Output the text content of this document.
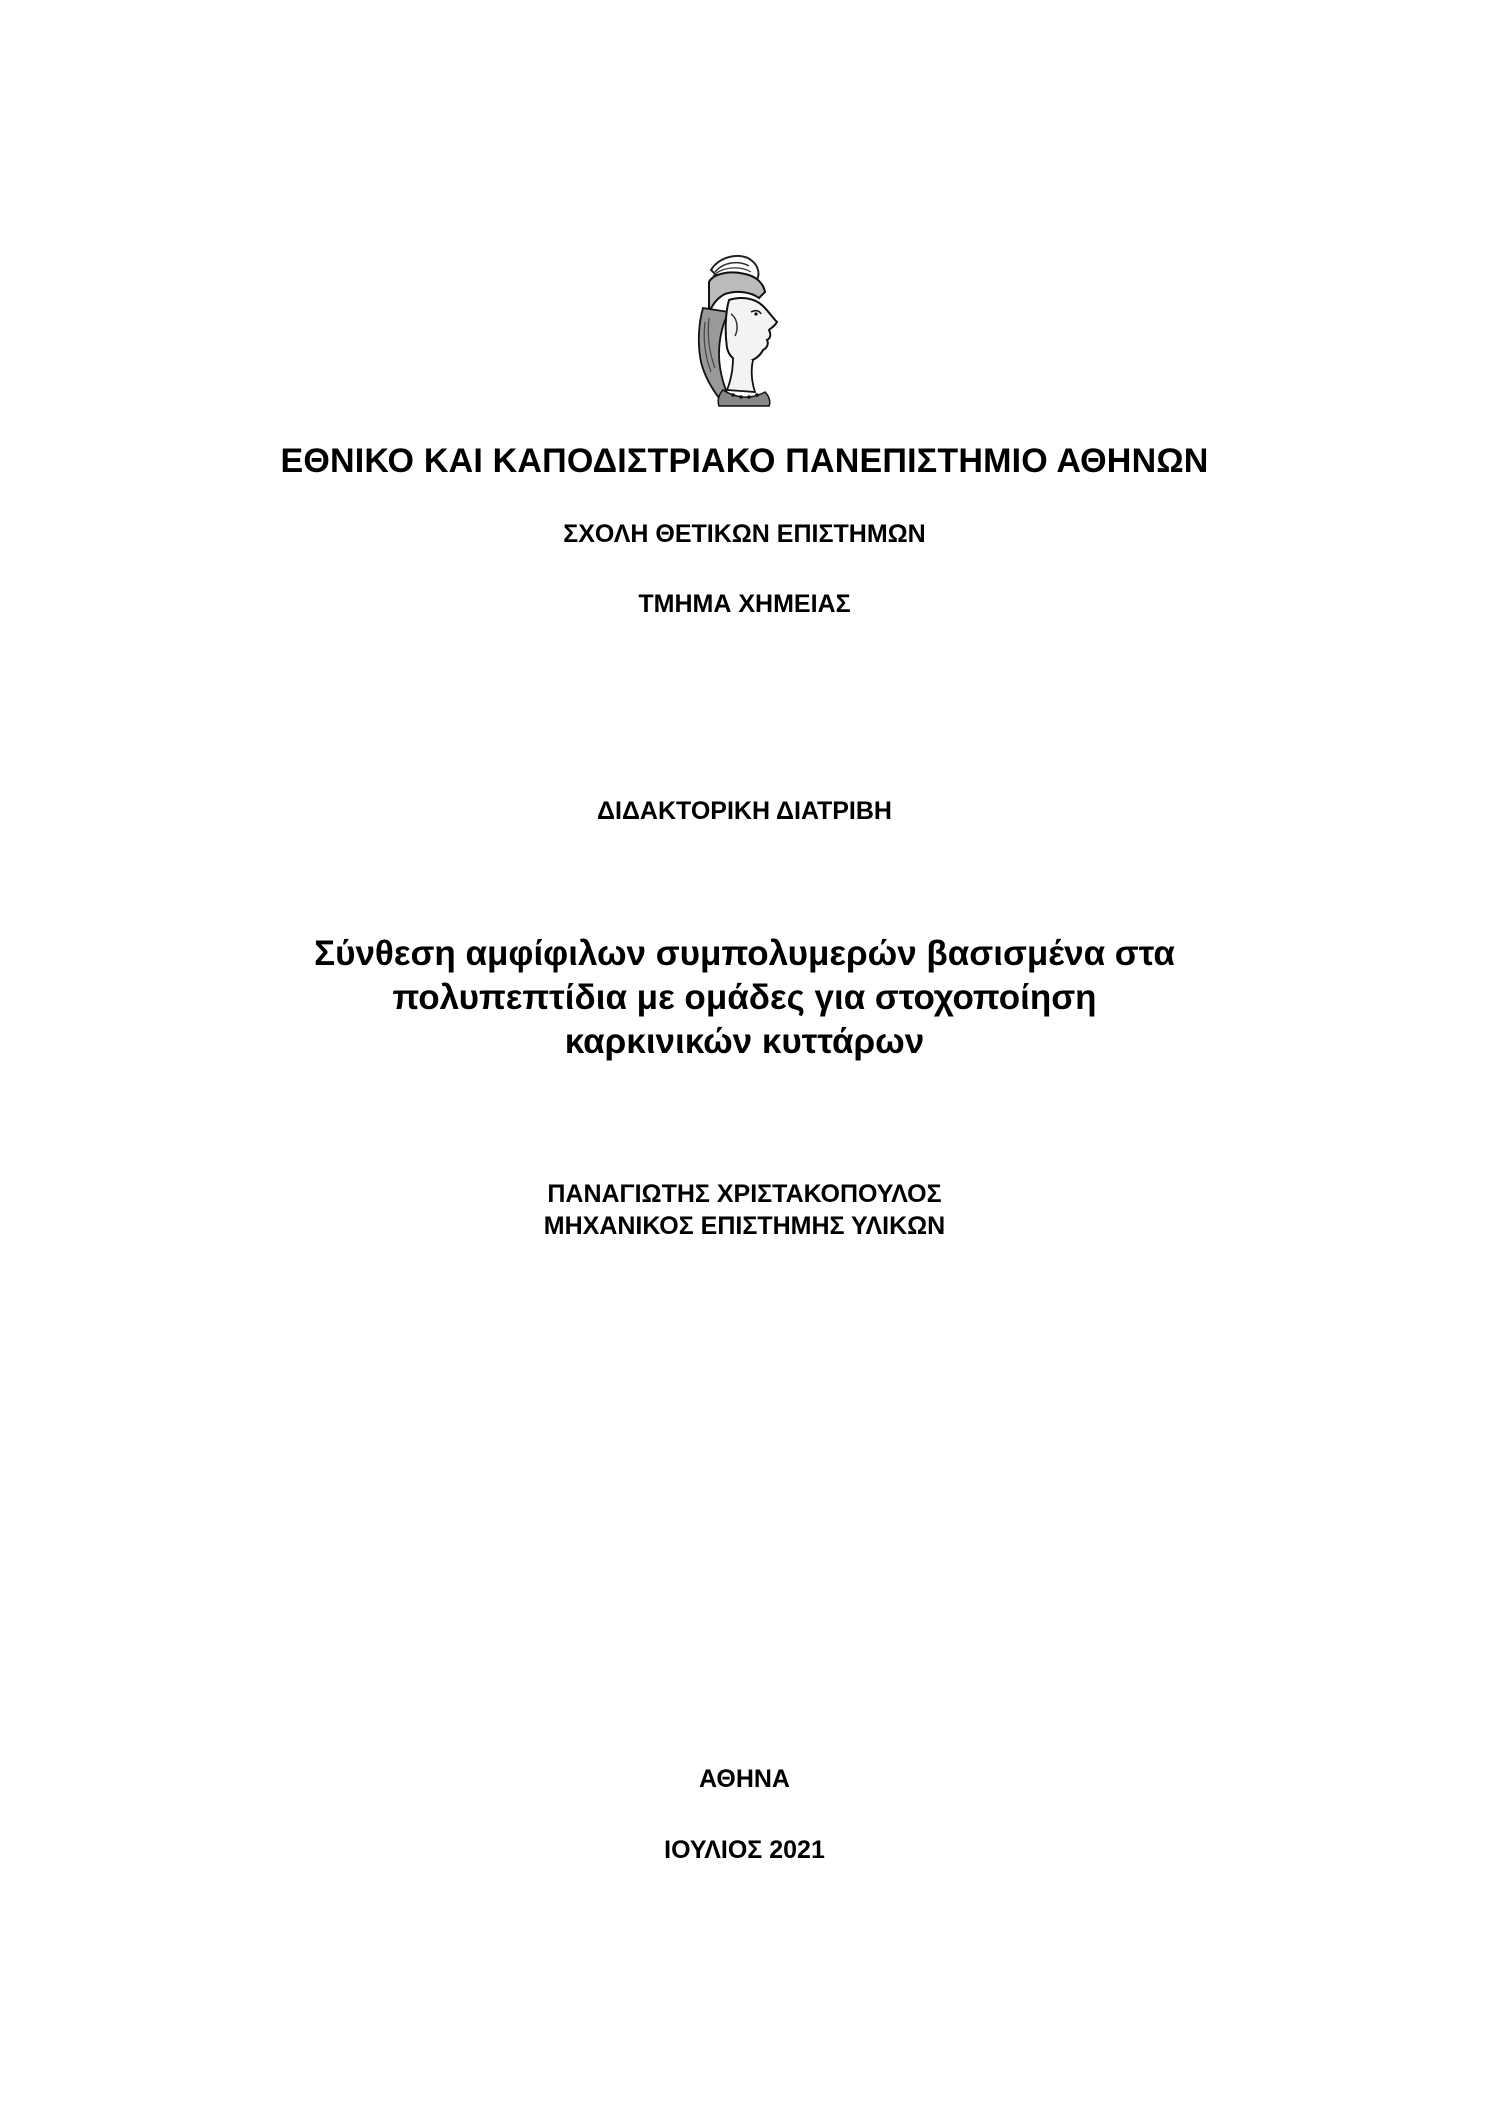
ΕΘΝΙΚΟ ΚΑΙ ΚΑΠΟΔΙΣΤΡΙΑΚΟ ΠΑΝΕΠΙΣΤΗΜΙΟ ΑΘΗΝΩΝ
ΣΧΟΛΗ ΘΕΤΙΚΩΝ ΕΠΙΣΤΗΜΩΝ
ΤΜΗΜΑ ΧΗΜΕΙΑΣ
ΔΙΔΑΚΤΟΡΙΚΗ ΔΙΑΤΡΙΒΗ
Σύνθεση αμφίφιλων συμπολυμερών βασισμένα στα
πολυπεπτίδια με ομάδες για στοχοποίηση
καρκινικών κυττάρων
ΠΑΝΑΓΙΩΤΗΣ ΧΡΙΣΤΑΚΟΠΟΥΛΟΣ
ΜΗΧΑΝΙΚΟΣ ΕΠΙΣΤΗΜΗΣ ΥΛΙΚΩΝ
ΑΘΗΝΑ
ΙΟΥΛΙΟΣ 2021
